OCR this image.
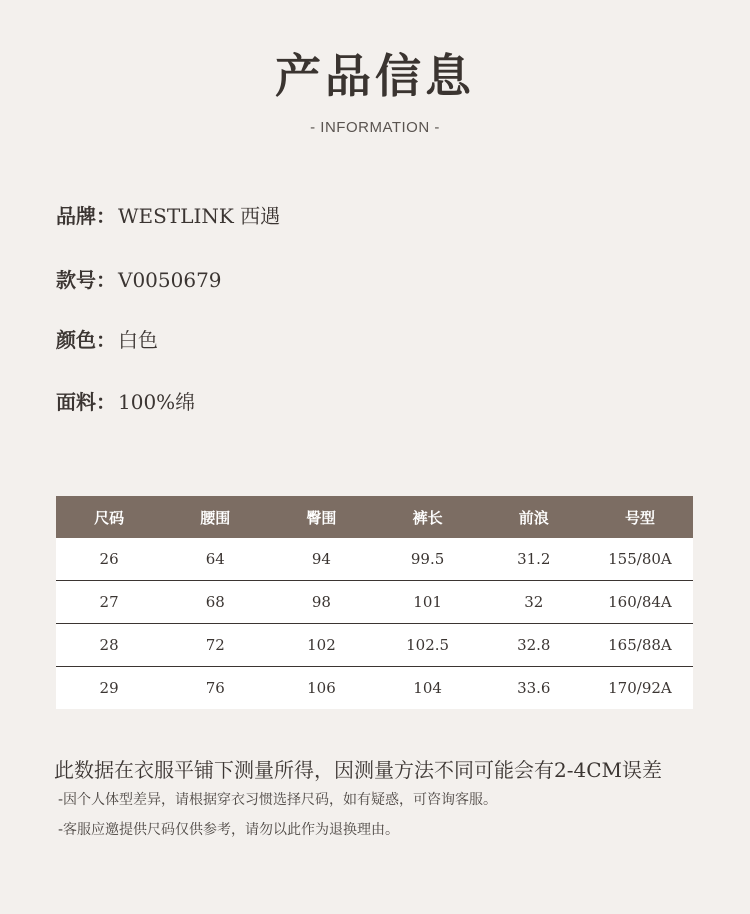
产品信息
- INFORMATION -
品牌： WESTLINK 西遇
款号： V0050679
颜色： 白色
面料： 100%绵
尺码	腰围	臀围	裤长	前浪	号型
26	64	94	99.5	31.2	155/80A
27	68	98	101	32	160/84A
28	72	102	102.5	32.8	165/88A
29	76	106	104	33.6	170/92A
此数据在衣服平铺下测量所得，因测量方法不同可能会有2-4CM误差
-因个人体型差异，请根据穿衣习惯选择尺码，如有疑惑，可咨询客服。
-客服应邀提供尺码仅供参考，请勿以此作为退换理由。
